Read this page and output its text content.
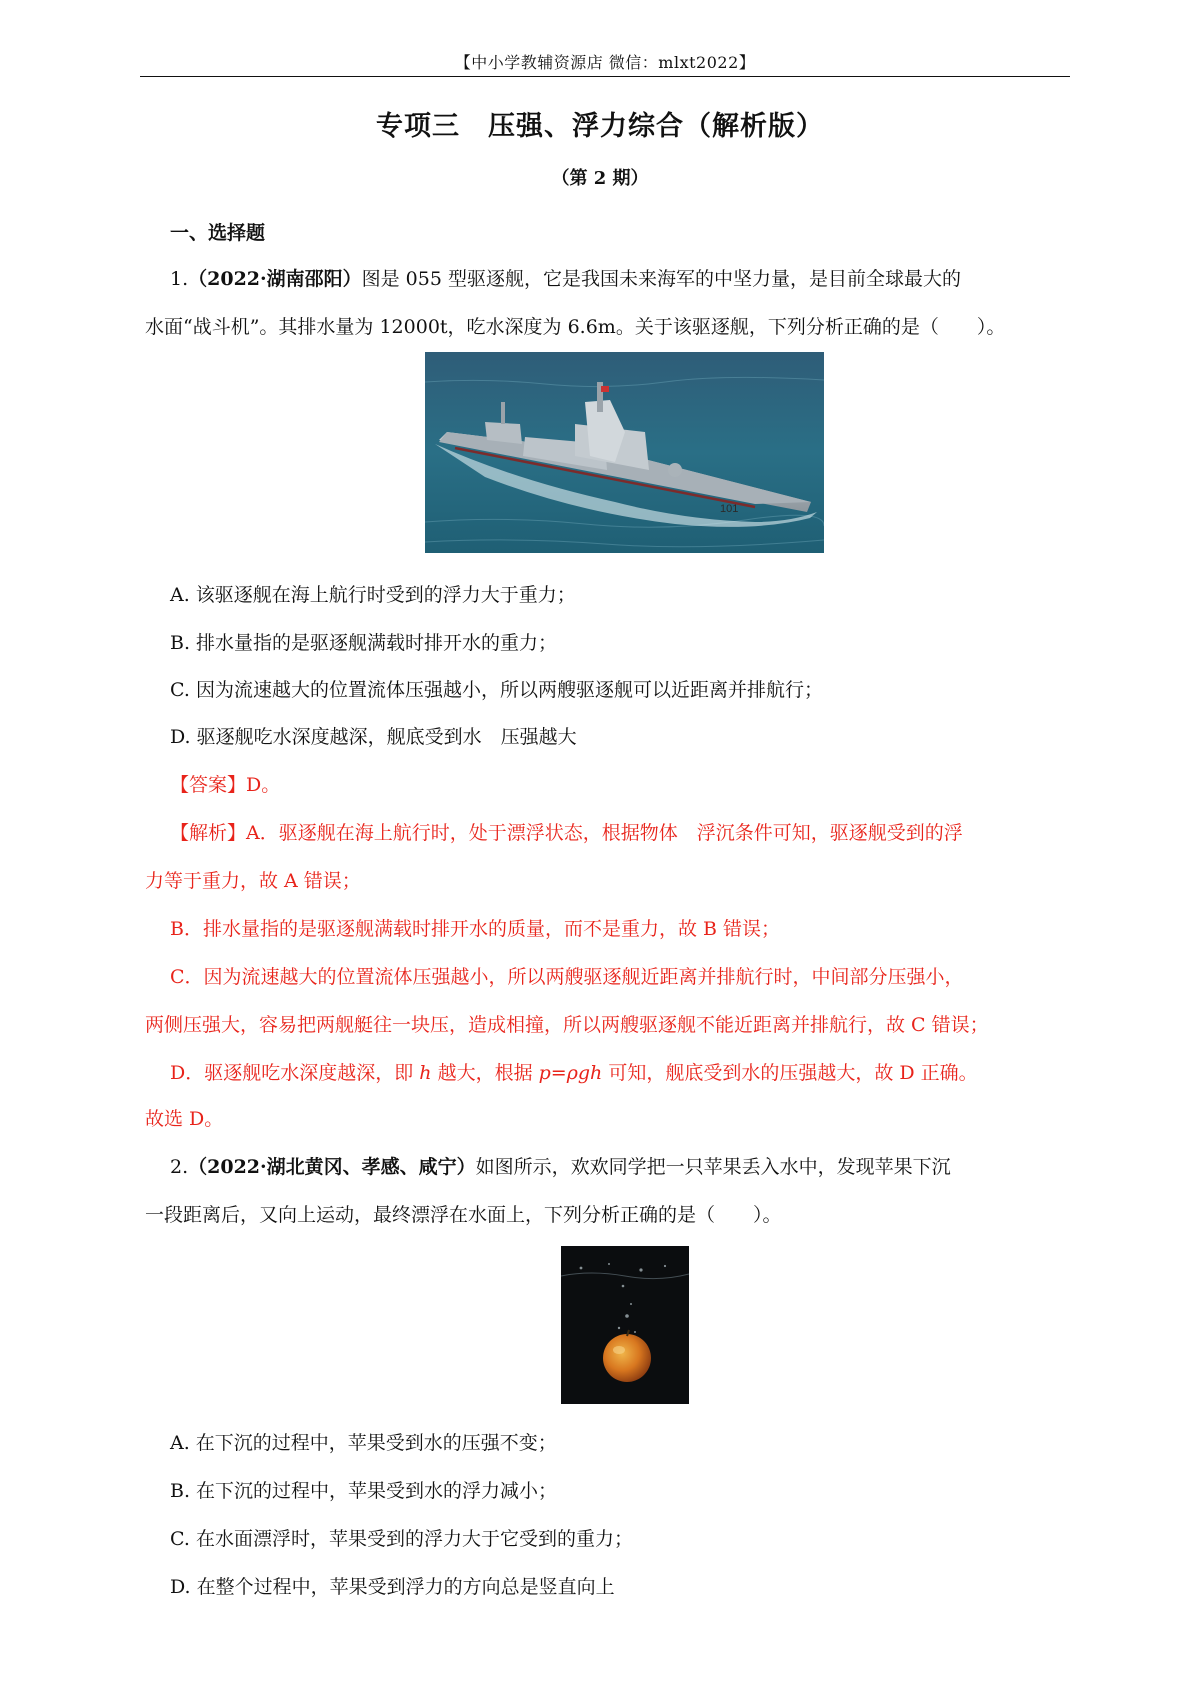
【中小学教辅资源店 微信：mlxt2022】
专项三　压强、浮力综合（解析版）
（第 2 期）
一、选择题
1.（2022·湖南邵阳）图是 055 型驱逐舰，它是我国未来海军的中坚力量，是目前全球最大的
水面“战斗机”。其排水量为 12000t，吃水深度为 6.6m。关于该驱逐舰，下列分析正确的是（　　）。
101
A. 该驱逐舰在海上航行时受到的浮力大于重力；
B. 排水量指的是驱逐舰满载时排开水的重力；
C. 因为流速越大的位置流体压强越小，所以两艘驱逐舰可以近距离并排航行；
D. 驱逐舰吃水深度越深，舰底受到水　压强越大
【答案】D。
【解析】A．驱逐舰在海上航行时，处于漂浮状态，根据物体　浮沉条件可知，驱逐舰受到的浮
力等于重力，故 A 错误；
B．排水量指的是驱逐舰满载时排开水的质量，而不是重力，故 B 错误；
C．因为流速越大的位置流体压强越小，所以两艘驱逐舰近距离并排航行时，中间部分压强小，
两侧压强大，容易把两舰艇往一块压，造成相撞，所以两艘驱逐舰不能近距离并排航行，故 C 错误；
D．驱逐舰吃水深度越深，即 h 越大，根据 p=ρgh 可知，舰底受到水的压强越大，故 D 正确。
故选 D。
2.（2022·湖北黄冈、孝感、咸宁）如图所示，欢欢同学把一只苹果丢入水中，发现苹果下沉
一段距离后，又向上运动，最终漂浮在水面上，下列分析正确的是（　　）。
A. 在下沉的过程中，苹果受到水的压强不变；
B. 在下沉的过程中，苹果受到水的浮力减小；
C. 在水面漂浮时，苹果受到的浮力大于它受到的重力；
D. 在整个过程中，苹果受到浮力的方向总是竖直向上
